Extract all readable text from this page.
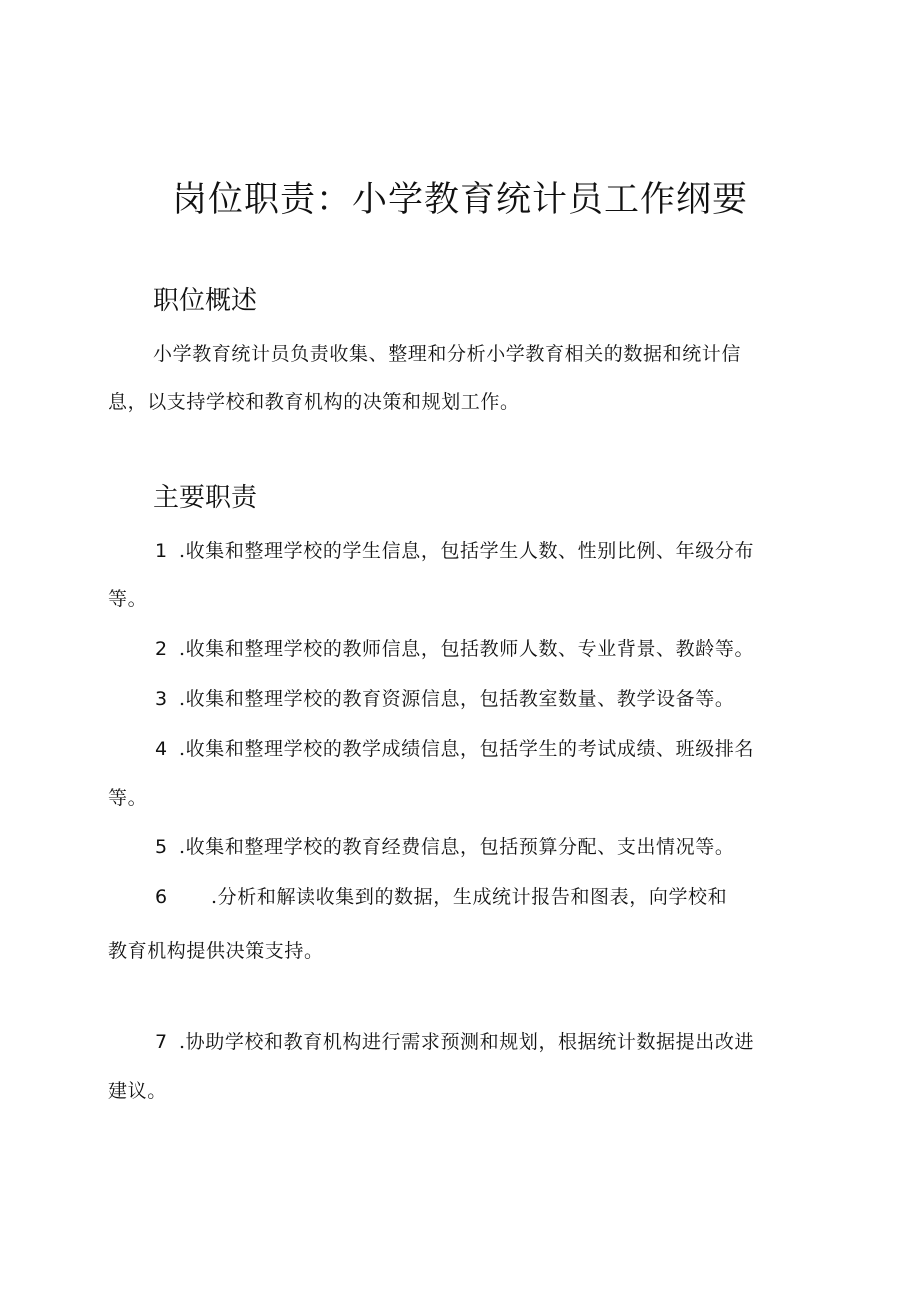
岗位职责：小学教育统计员工作纲要
职位概述
小学教育统计员负责收集、整理和分析小学教育相关的数据和统计信
息，以支持学校和教育机构的决策和规划工作。
主要职责
1 .收集和整理学校的学生信息，包括学生人数、性别比例、年级分布
等。
2 .收集和整理学校的教师信息，包括教师人数、专业背景、教龄等。
3 .收集和整理学校的教育资源信息，包括教室数量、教学设备等。
4 .收集和整理学校的教学成绩信息，包括学生的考试成绩、班级排名
等。
5 .收集和整理学校的教育经费信息，包括预算分配、支出情况等。
6 .分析和解读收集到的数据，生成统计报告和图表，向学校和
教育机构提供决策支持。
7 .协助学校和教育机构进行需求预测和规划，根据统计数据提出改进
建议。
